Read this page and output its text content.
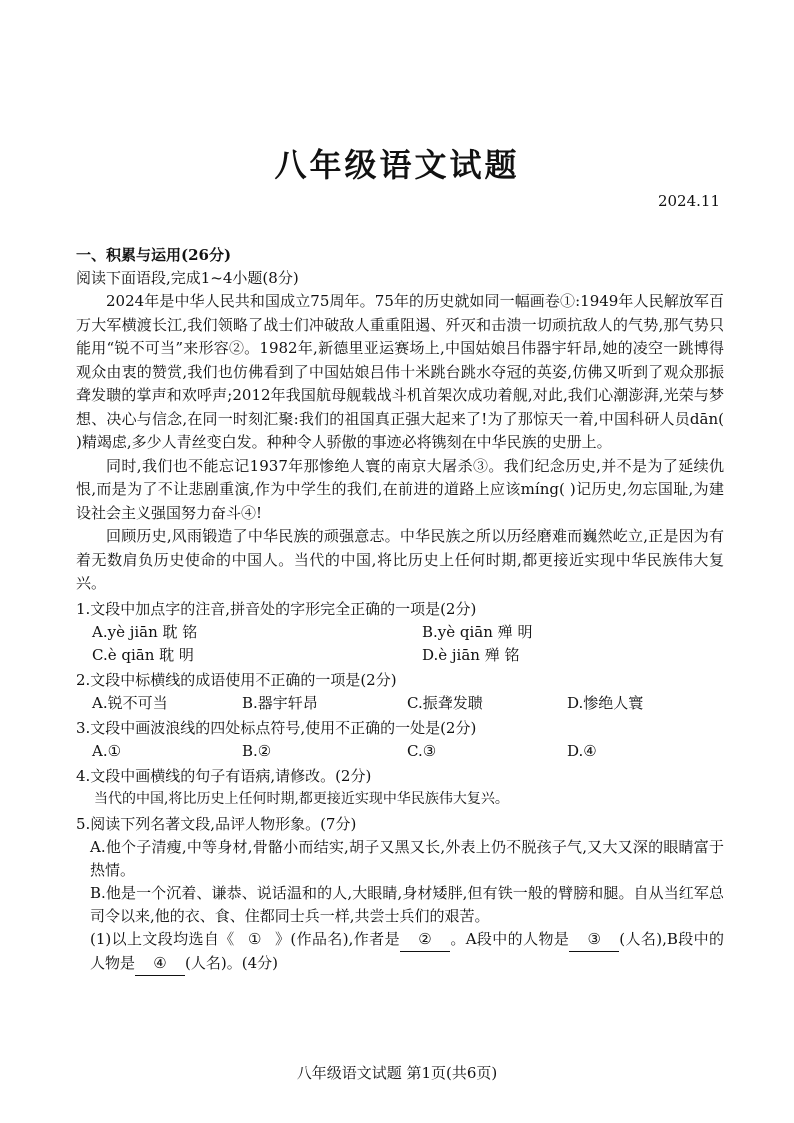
八年级语文试题
2024.11
一、积累与运用(26分)
阅读下面语段,完成1~4小题(8分)

2024年是中华人民共和国成立75周年。75年的历史就如同一幅画卷①:1949年人民解放军百万大军横渡长江,我们领略了战士们冲破敌人重重阻遏、歼灭和击溃一切顽抗敌人的气势,那气势只能用“锐不可当”来形容②。1982年,新德里亚运赛场上,中国姑娘吕伟器宇轩昂,她的凌空一跳博得观众由衷的赞赏,我们也仿佛看到了中国姑娘吕伟十米跳台跳水夺冠的英姿,仿佛又听到了观众那振聋发聩的掌声和欢呼声;2012年我国航母舰载战斗机首架次成功着舰,对此,我们心潮澎湃,光荣与梦想、决心与信念,在同一时刻汇聚:我们的祖国真正强大起来了!为了那惊天一着,中国科研人员dān( )精竭虑,多少人青丝变白发。种种令人骄傲的事迹必将镌刻在中华民族的史册上。

同时,我们也不能忘记1937年那惨绝人寰的南京大屠杀③。我们纪念历史,并不是为了延续仇恨,而是为了不让悲剧重演,作为中学生的我们,在前进的道路上应该míng( )记历史,勿忘国耻,为建设社会主义强国努力奋斗④!

回顾历史,风雨锻造了中华民族的顽强意志。中华民族之所以历经磨难而巍然屹立,正是因为有着无数肩负历史使命的中国人。当代的中国,将比历史上任何时期,都更接近实现中华民族伟大复兴。

1.文段中加点字的注音,拼音处的字形完全正确的一项是(2分)
A.yè jiān 耽 铭	B.yè qiān 殚 明
C.è qiān 耽 明	D.è jiān 殚 铭
2.文段中标横线的成语使用不正确的一项是(2分)
A.锐不可当	B.器宇轩昂	C.振聋发聩	D.惨绝人寰
3.文段中画波浪线的四处标点符号,使用不正确的一处是(2分)
A.①	B.②	C.③	D.④
4.文段中画横线的句子有语病,请修改。(2分)
当代的中国,将比历史上任何时期,都更接近实现中华民族伟大复兴。
5.阅读下列名著文段,品评人物形象。(7分)
A.他个子清瘦,中等身材,骨骼小而结实,胡子又黑又长,外表上仍不脱孩子气,又大又深的眼睛富于热情。
B.他是一个沉着、谦恭、说话温和的人,大眼睛,身材矮胖,但有铁一般的臂膀和腿。自从当红军总司令以来,他的衣、食、住都同士兵一样,共尝士兵们的艰苦。
(1)以上文段均选自《 ① 》(作品名),作者是 ② 。A段中的人物是 ③ (人名),B段中的人物是 ④ (人名)。(4分)
八年级语文试题 第1页(共6页)
